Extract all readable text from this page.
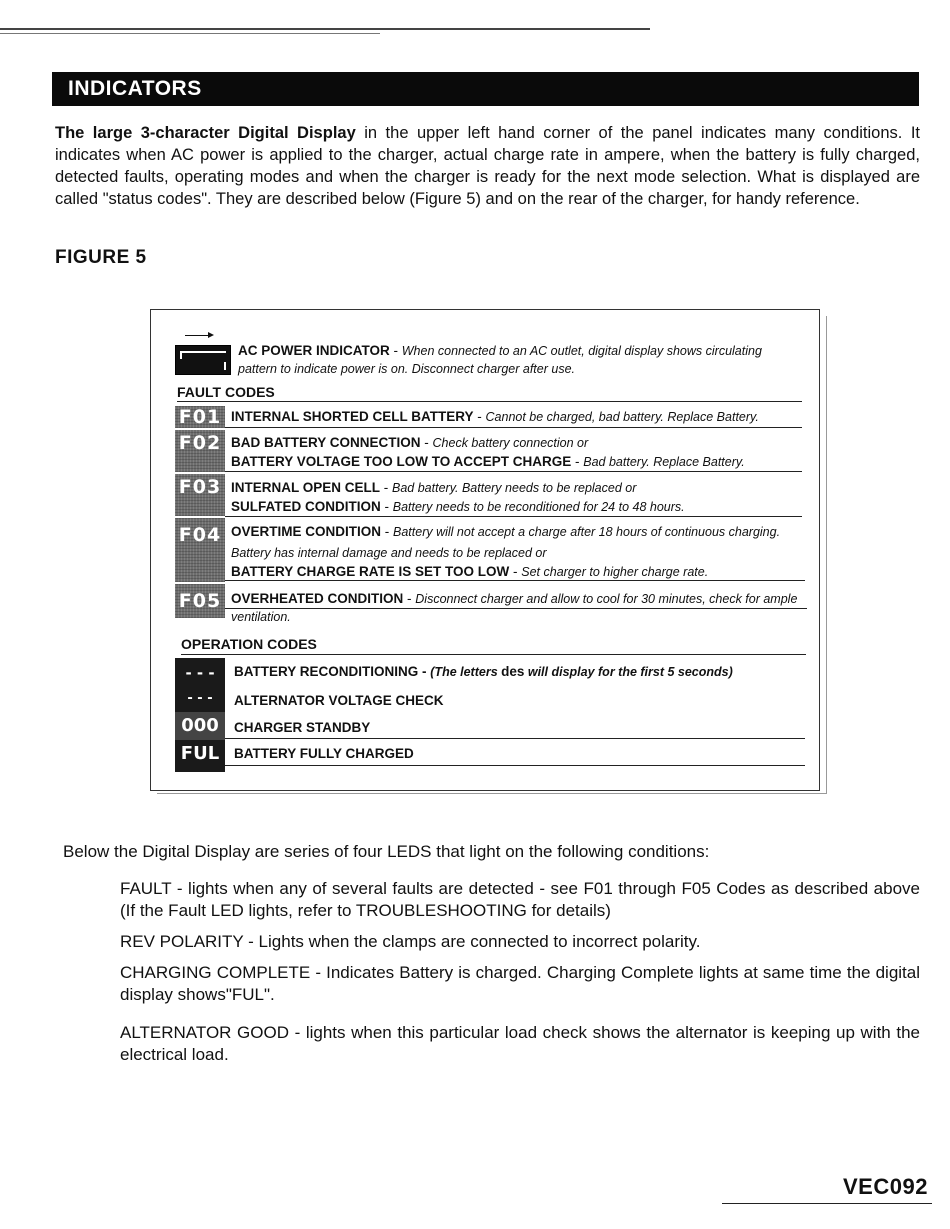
INDICATORS
The large 3-character Digital Display in the upper left hand corner of the panel indicates many conditions. It indicates when AC power is applied to the charger, actual charge rate in ampere, when the battery is fully charged, detected faults, operating modes and when the charger is ready for the next mode selection. What is displayed are called "status codes". They are described below (Figure 5) and on the rear of the charger, for handy reference.
FIGURE 5
AC POWER INDICATOR - When connected to an AC outlet, digital display shows circulating pattern to indicate power is on. Disconnect charger after use.
FAULT CODES
F01 INTERNAL SHORTED CELL BATTERY - Cannot be charged, bad battery. Replace Battery.
F02 BAD BATTERY CONNECTION - Check battery connection or
BATTERY VOLTAGE TOO LOW TO ACCEPT CHARGE - Bad battery. Replace Battery.
F03 INTERNAL OPEN CELL - Bad battery. Battery needs to be replaced or
SULFATED CONDITION - Battery needs to be reconditioned for 24 to 48 hours.
F04 OVERTIME CONDITION - Battery will not accept a charge after 18 hours of continuous charging.
Battery has internal damage and needs to be replaced or
BATTERY CHARGE RATE IS SET TOO LOW - Set charger to higher charge rate.
F05 OVERHEATED CONDITION - Disconnect charger and allow to cool for 30 minutes, check for ample ventilation.
OPERATION CODES
- - -	BATTERY RECONDITIONING - (The letters des will display for the first 5 seconds)
- - -	ALTERNATOR VOLTAGE CHECK
000	CHARGER STANDBY
FUL	BATTERY FULLY CHARGED
Below the Digital Display are series of four LEDS that light on the following conditions:
FAULT - lights when any of several faults are detected - see F01 through F05 Codes as described above (If the Fault LED lights, refer to TROUBLESHOOTING for details)
REV POLARITY - Lights when the clamps are connected to incorrect polarity.
CHARGING COMPLETE - Indicates Battery is charged. Charging Complete lights at same time the digital display shows"FUL".
ALTERNATOR GOOD - lights when this particular load check shows the alternator is keeping up with the electrical load.
VEC092
